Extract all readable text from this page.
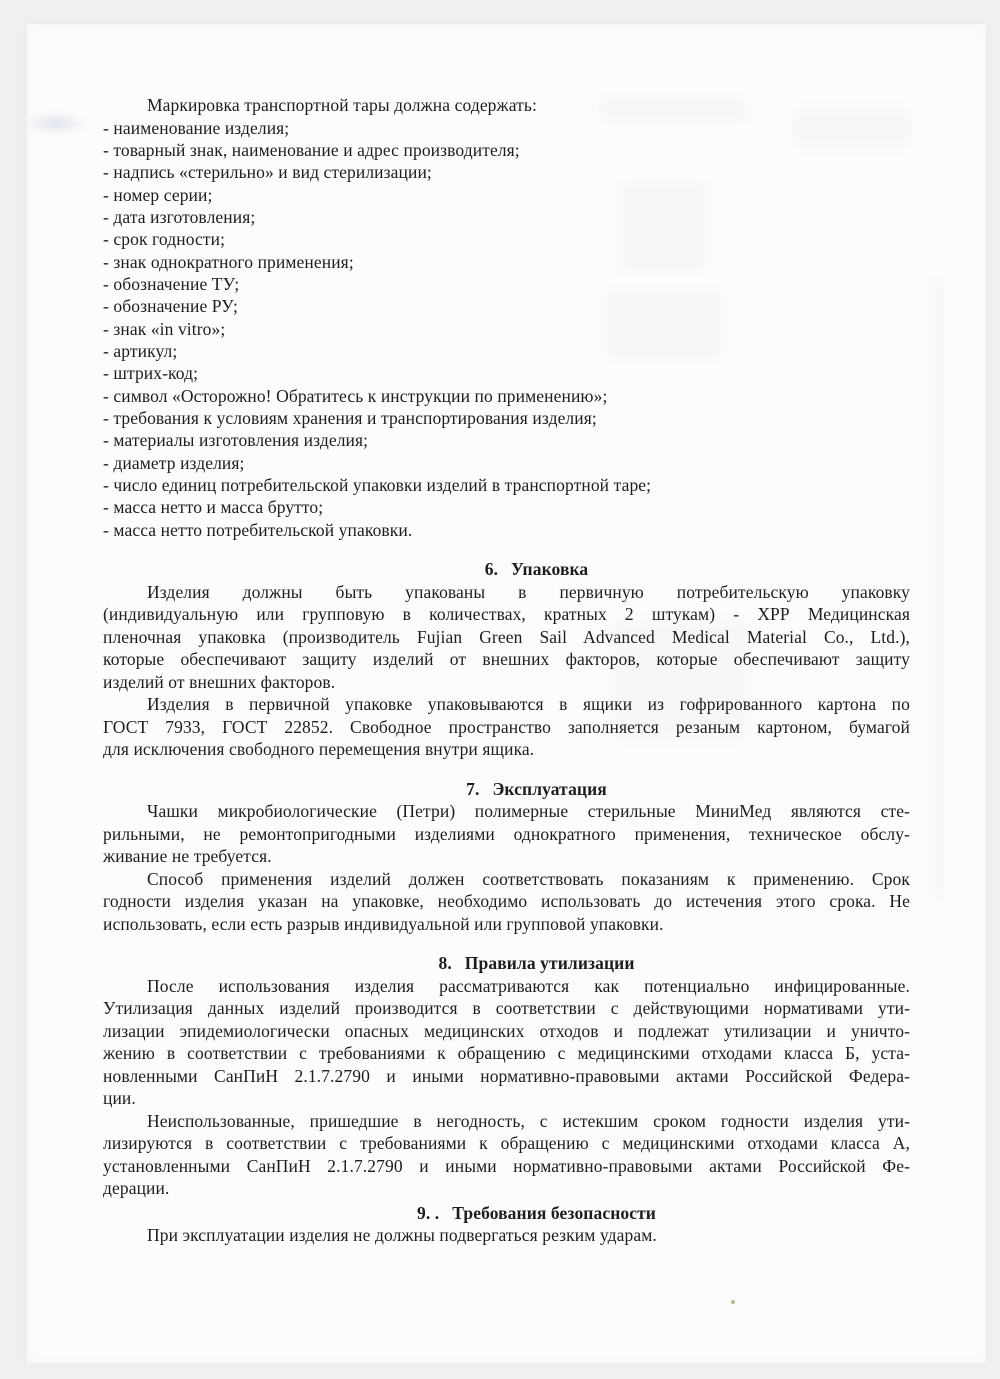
Маркировка транспортной тары должна содержать:
- наименование изделия;
- товарный знак, наименование и адрес производителя;
- надпись «стерильно» и вид стерилизации;
- номер серии;
- дата изготовления;
- срок годности;
- знак однократного применения;
- обозначение ТУ;
- обозначение РУ;
- знак «in vitro»;
- артикул;
- штрих-код;
- символ «Осторожно! Обратитесь к инструкции по применению»;
- требования к условиям хранения и транспортирования изделия;
- материалы изготовления изделия;
- диаметр изделия;
- число единиц потребительской упаковки изделий в транспортной таре;
- масса нетто и масса брутто;
- масса нетто потребительской упаковки.
6. Упаковка
Изделия должны быть упакованы в первичную потребительскую упаковку
(индивидуальную или групповую в количествах, кратных 2 штукам) - ХРР Медицинская
пленочная упаковка (производитель Fujian Green Sail Advanced Medical Material Co., Ltd.),
которые обеспечивают защиту изделий от внешних факторов, которые обеспечивают защиту
изделий от внешних факторов.
Изделия в первичной упаковке упаковываются в ящики из гофрированного картона по
ГОСТ 7933, ГОСТ 22852. Свободное пространство заполняется резаным картоном, бумагой
для исключения свободного перемещения внутри ящика.
7. Эксплуатация
Чашки микробиологические (Петри) полимерные стерильные МиниМед являются сте-
рильными, не ремонтопригодными изделиями однократного применения, техническое обслу-
живание не требуется.
Способ применения изделий должен соответствовать показаниям к применению. Срок
годности изделия указан на упаковке, необходимо использовать до истечения этого срока. Не
использовать, если есть разрыв индивидуальной или групповой упаковки.
8. Правила утилизации
После использования изделия рассматриваются как потенциально инфицированные.
Утилизация данных изделий производится в соответствии с действующими нормативами ути-
лизации эпидемиологически опасных медицинских отходов и подлежат утилизации и уничто-
жению в соответствии с требованиями к обращению с медицинскими отходами класса Б, уста-
новленными СанПиН 2.1.7.2790 и иными нормативно-правовыми актами Российской Федера-
ции.
Неиспользованные, пришедшие в негодность, с истекшим сроком годности изделия ути-
лизируются в соответствии с требованиями к обращению с медицинскими отходами класса А,
установленными СанПиН 2.1.7.2790 и иными нормативно-правовыми актами Российской Фе-
дерации.
9. . Требования безопасности
При эксплуатации изделия не должны подвергаться резким ударам.
